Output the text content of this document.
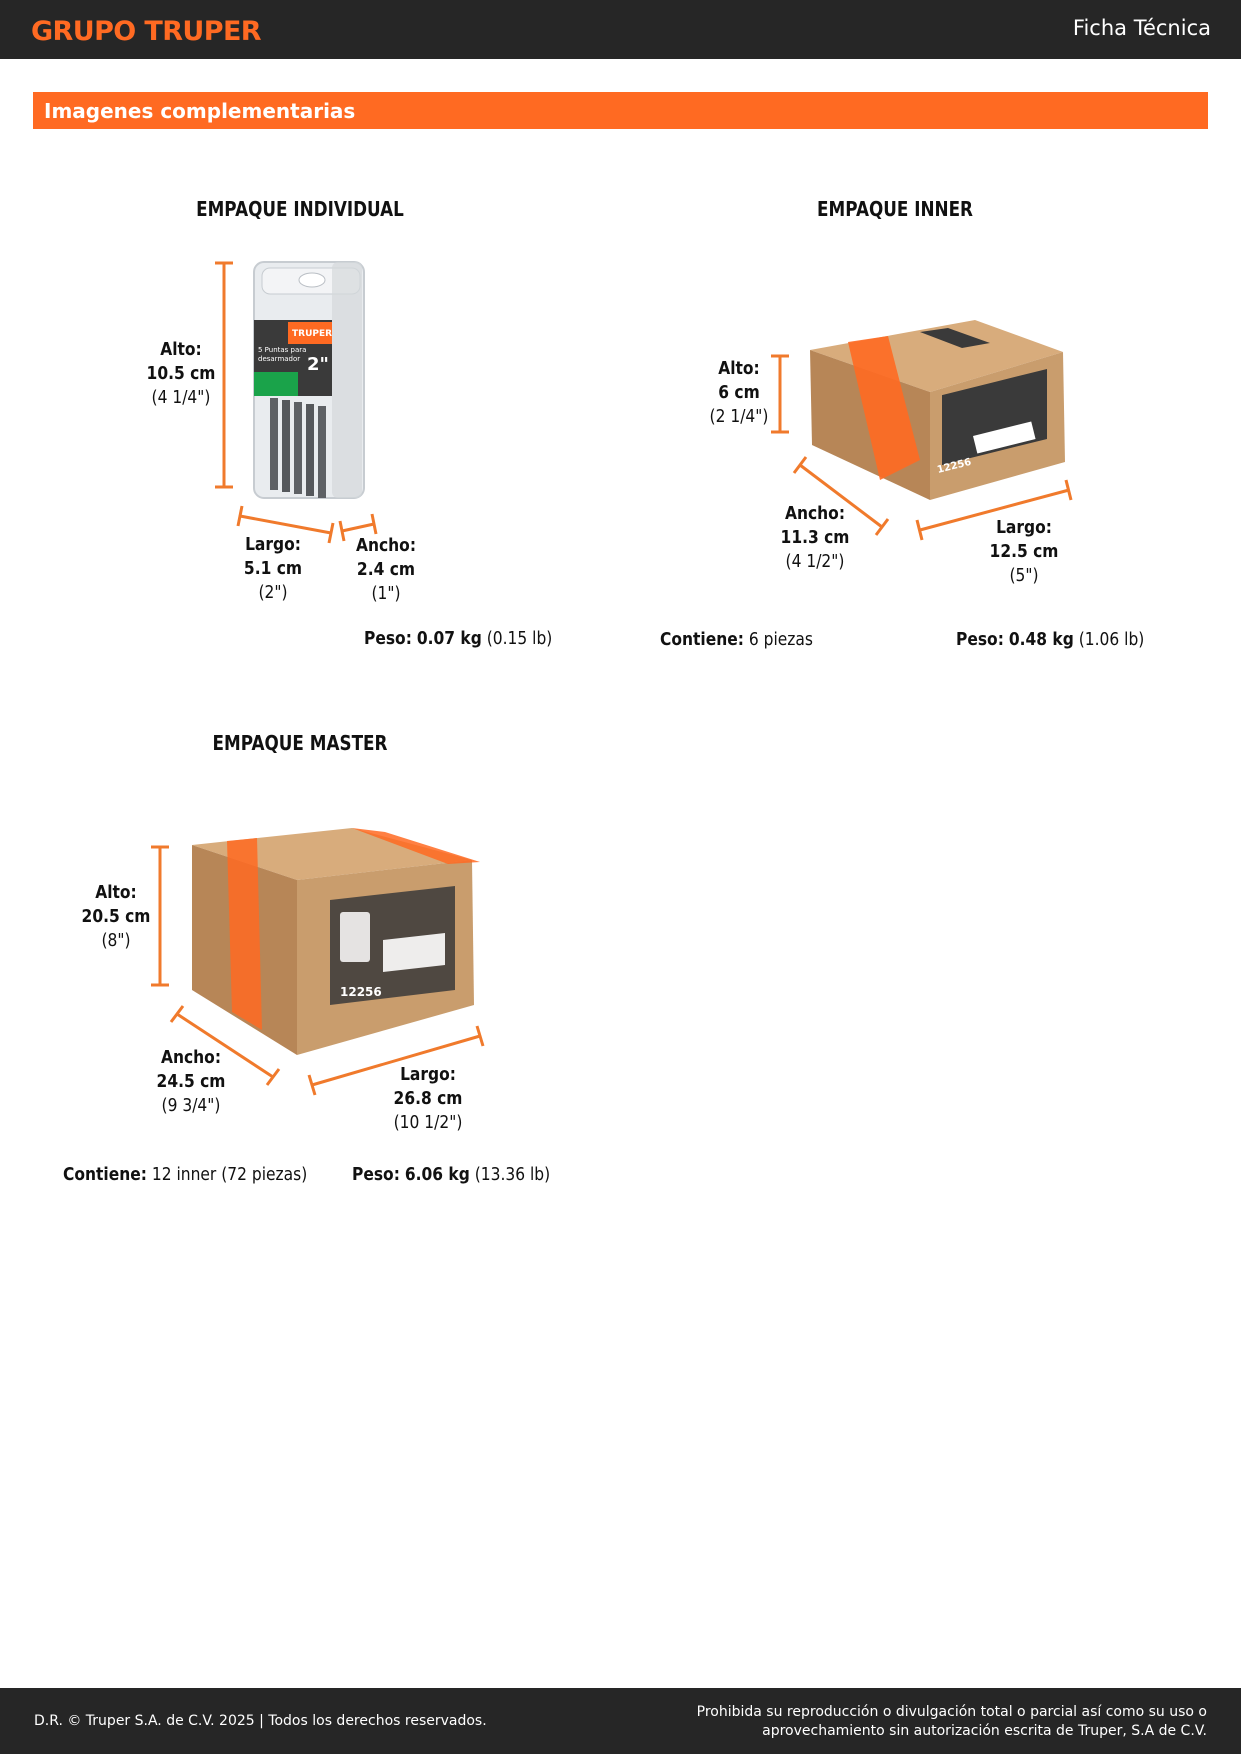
GRUPO TRUPER	Ficha Técnica
Imagenes complementarias
TRUPER
5 Puntas para
desarmador 2"
12256
12256
EMPAQUE INDIVIDUAL
Alto:
10.5 cm
(4 1/4")
Largo:
5.1 cm
(2")
Ancho:
2.4 cm
(1")
Peso: 0.07 kg (0.15 lb)
EMPAQUE INNER
Alto:
6 cm
(2 1/4")
Ancho:
11.3 cm
(4 1/2")
Largo:
12.5 cm
(5")
Contiene: 6 piezas	Peso: 0.48 kg (1.06 lb)
EMPAQUE MASTER
Alto:
20.5 cm
(8")
Ancho:
24.5 cm
(9 3/4")
Largo:
26.8 cm
(10 1/2")
Contiene: 12 inner (72 piezas) Peso: 6.06 kg (13.36 lb)
D.R. © Truper S.A. de C.V. 2025 | Todos los derechos reservados.
Prohibida su reproducción o divulgación total o parcial así como su uso o aprovechamiento sin autorización escrita de Truper, S.A de C.V.
